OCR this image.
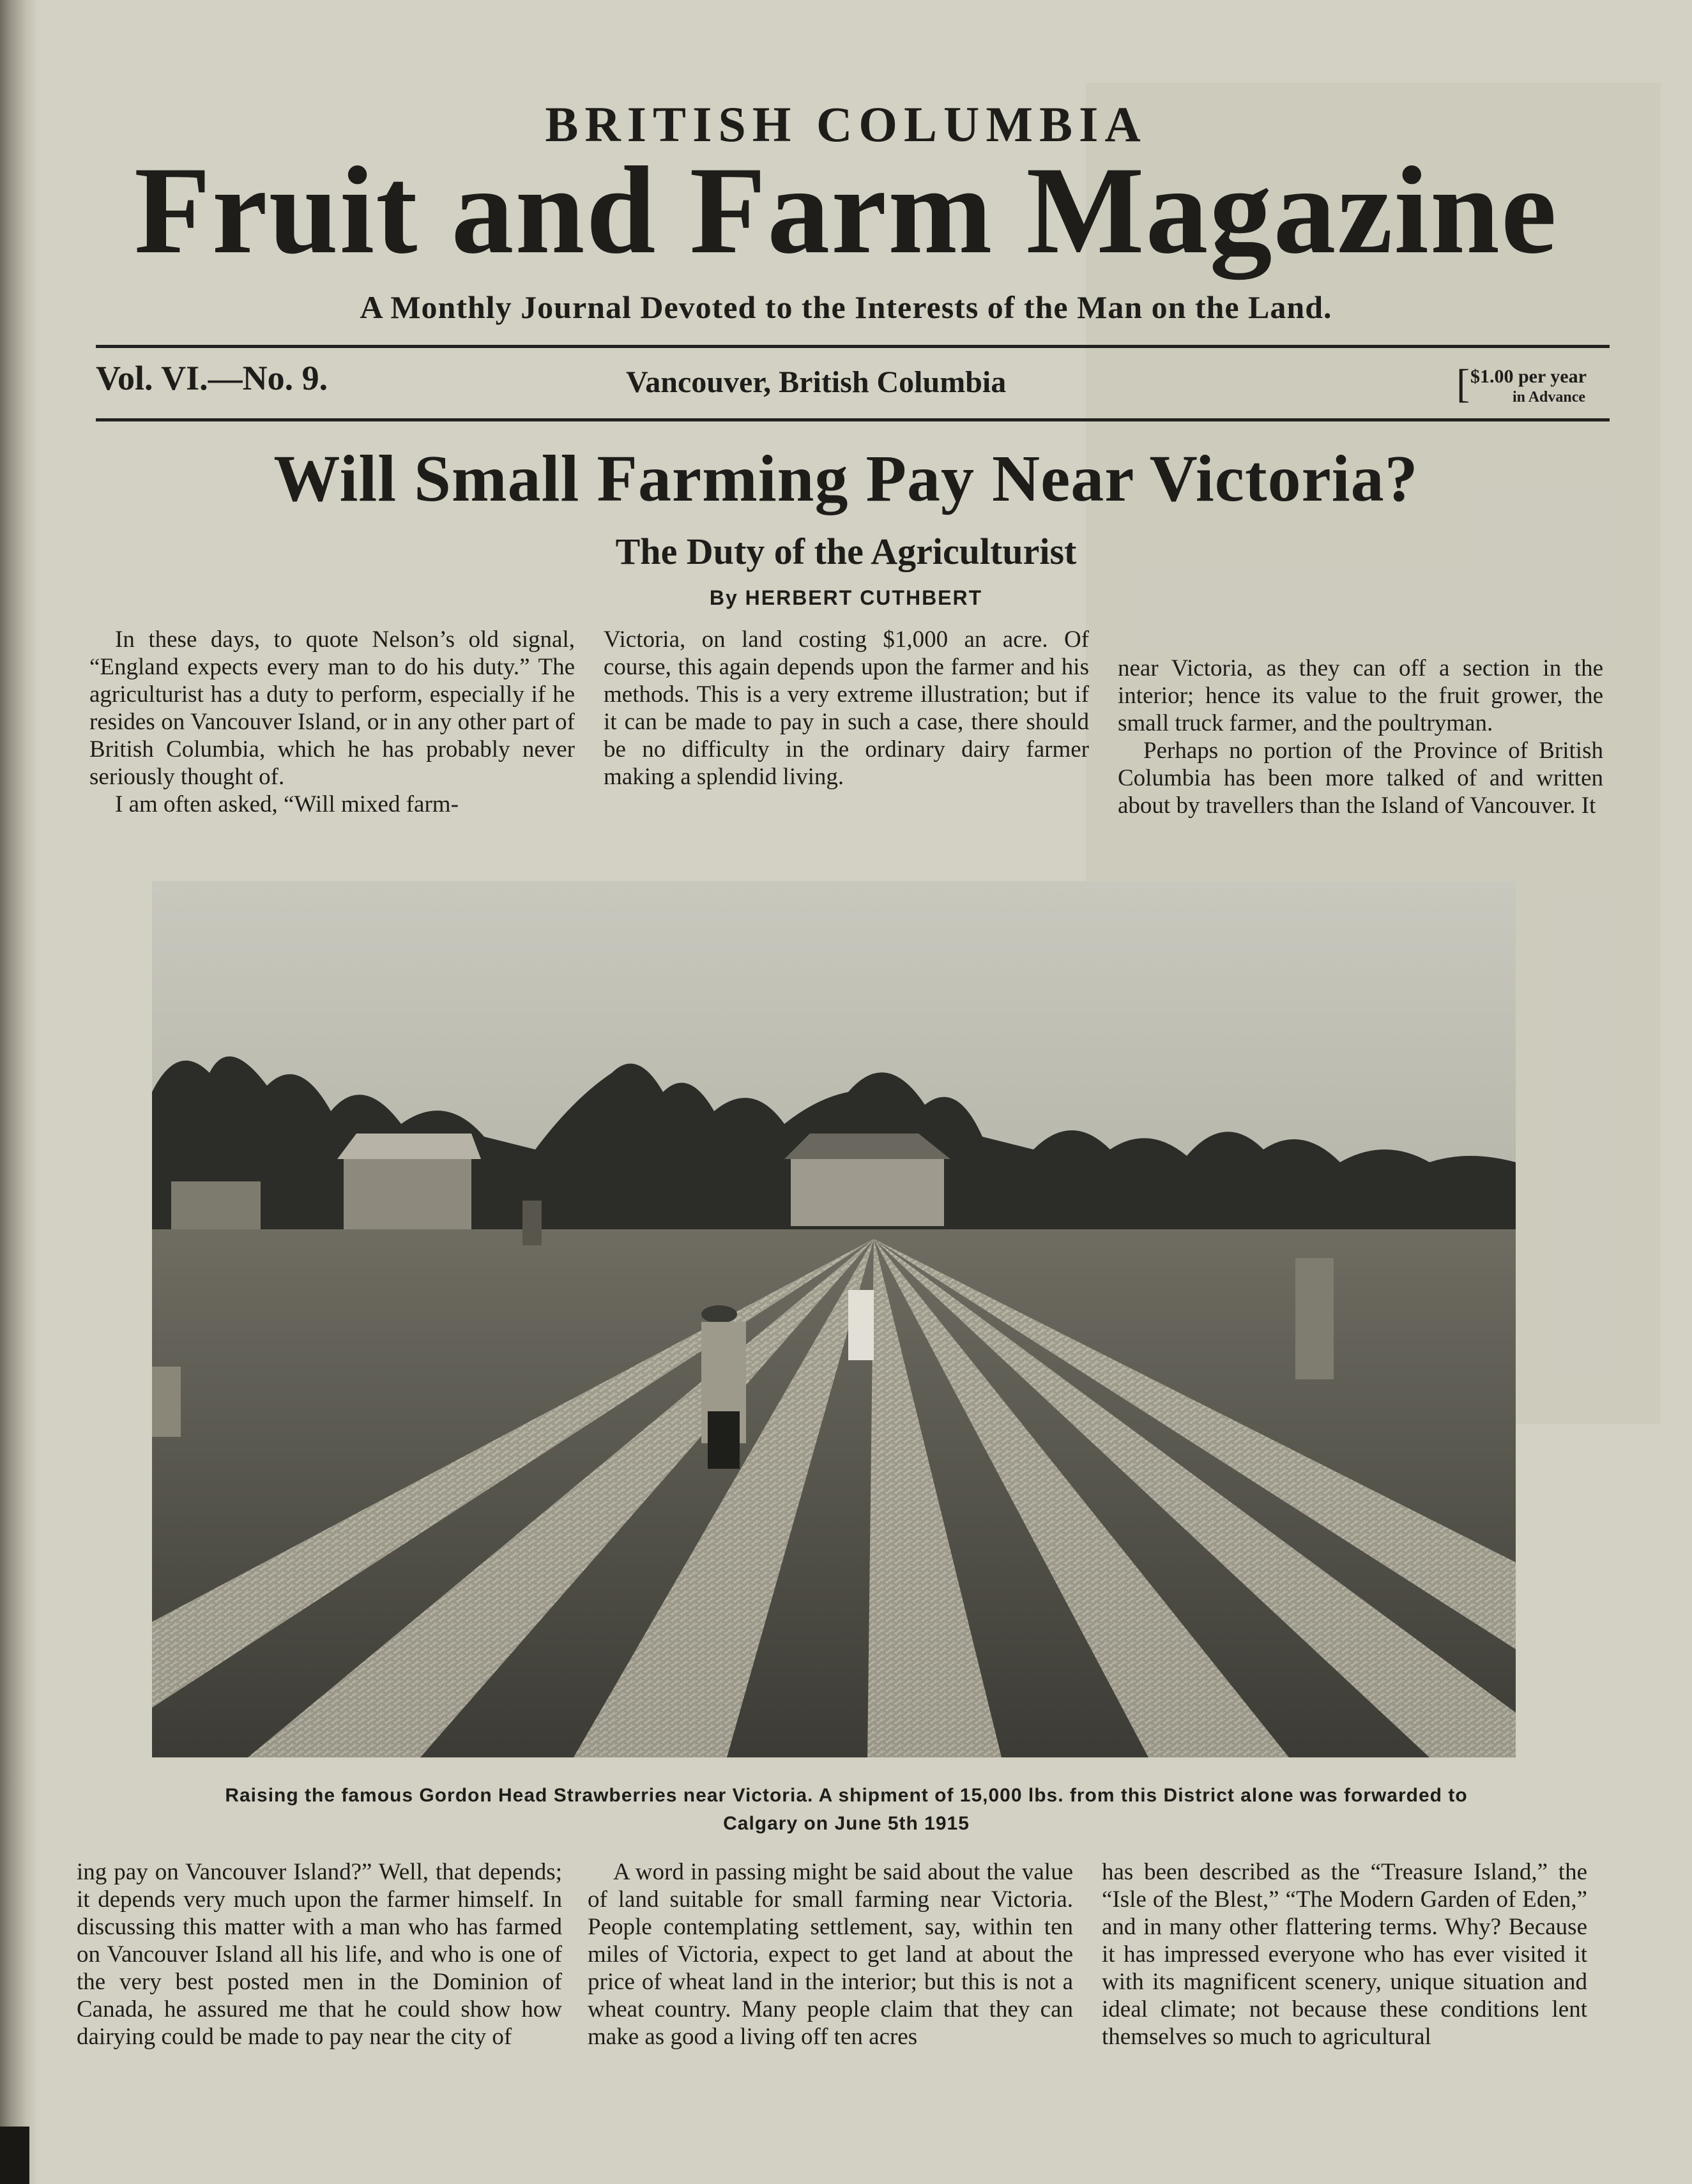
BRITISH COLUMBIA
Fruit and Farm Magazine
A Monthly Journal Devoted to the Interests of the Man on the Land.
Vol. VI.—No. 9.	Vancouver, British Columbia	[ $1.00 per year
in Advance
Will Small Farming Pay Near Victoria?
The Duty of the Agriculturist
By HERBERT CUTHBERT

In these days, to quote Nelson’s old signal, “England expects every man to do his duty.” The agriculturist has a duty to perform, especially if he resides on Vancouver Island, or in any other part of British Columbia, which he has probably never seriously thought of.

I am often asked, “Will mixed farm-

Victoria, on land costing $1,000 an acre. Of course, this again depends upon the farmer and his methods. This is a very extreme illustration; but if it can be made to pay in such a case, there should be no difficulty in the ordinary dairy farmer making a splendid living.

near Victoria, as they can off a section in the interior; hence its value to the fruit grower, the small truck farmer, and the poultryman.

Perhaps no portion of the Province of British Columbia has been more talked of and written about by travellers than the Island of Vancouver. It

Raising the famous Gordon Head Strawberries near Victoria. A shipment of 15,000 lbs. from this District alone was forwarded to Calgary on June 5th 1915

ing pay on Vancouver Island?” Well, that depends; it depends very much upon the farmer himself. In discussing this matter with a man who has farmed on Vancouver Island all his life, and who is one of the very best posted men in the Dominion of Canada, he assured me that he could show how dairying could be made to pay near the city of

A word in passing might be said about the value of land suitable for small farming near Victoria. People contemplating settlement, say, within ten miles of Victoria, expect to get land at about the price of wheat land in the interior; but this is not a wheat country. Many people claim that they can make as good a living off ten acres

has been described as the “Treasure Island,” the “Isle of the Blest,” “The Modern Garden of Eden,” and in many other flattering terms. Why? Because it has impressed everyone who has ever visited it with its magnificent scenery, unique situation and ideal climate; not because these conditions lent themselves so much to agricultural
